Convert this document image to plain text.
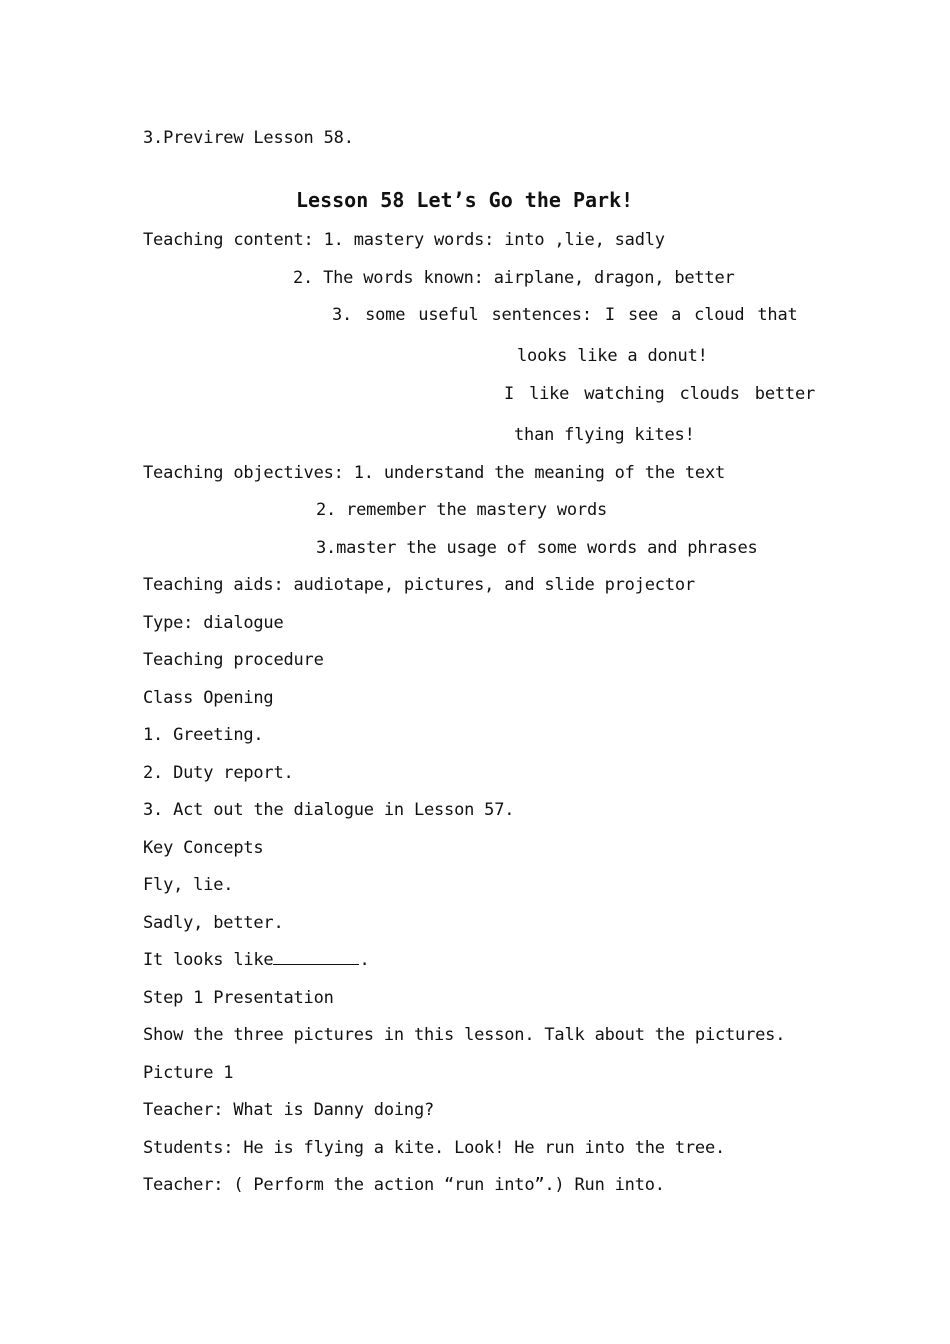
3.Previrew Lesson 58.
Lesson 58 Let’s Go the Park!
Teaching content: 1. mastery words: into ,lie, sadly
2. The words known: airplane, dragon, better
3. some useful sentences: I see a cloud that
looks like a donut!
I like watching clouds better
than flying kites!
Teaching objectives: 1. understand the meaning of the text
2. remember the mastery words
3.master the usage of some words and phrases
Teaching aids: audiotape, pictures, and slide projector
Type: dialogue
Teaching procedure
Class Opening
1. Greeting.
2. Duty report.
3. Act out the dialogue in Lesson 57.
Key Concepts
Fly, lie.
Sadly, better.
It looks like	.
Step 1 Presentation
Show the three pictures in this lesson. Talk about the pictures.
Picture 1
Teacher: What is Danny doing?
Students: He is flying a kite. Look! He run into the tree.
Teacher: ( Perform the action “run into”.) Run into.
